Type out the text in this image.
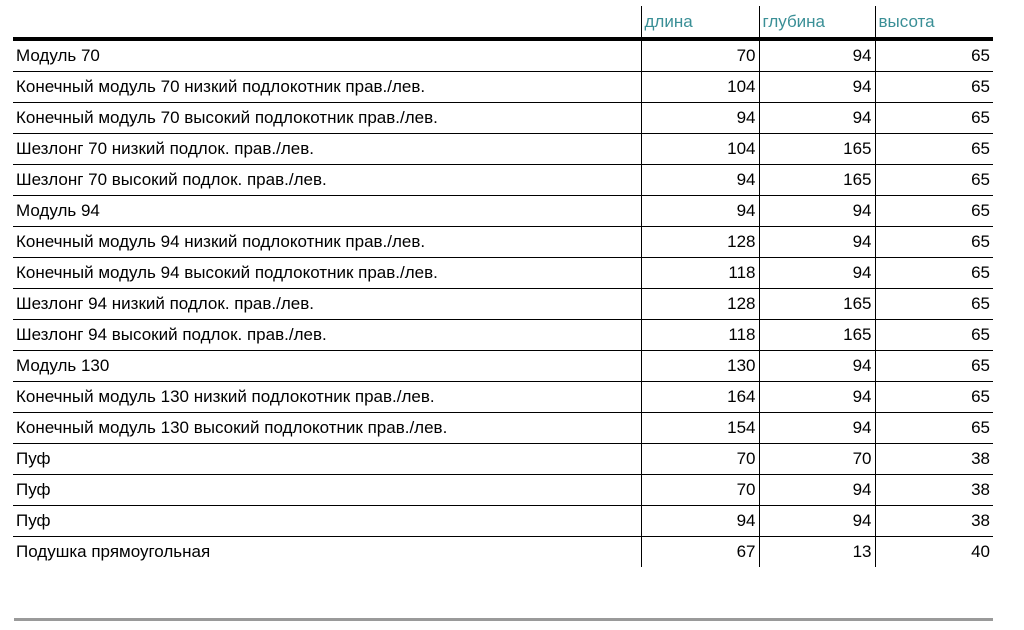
	длина	глубина	высота
Модуль 70	70	94	65
Конечный модуль 70 низкий подлокотник прав./лев.	104	94	65
Конечный модуль 70 высокий подлокотник прав./лев.	94	94	65
Шезлонг 70 низкий подлок. прав./лев.	104	165	65
Шезлонг 70 высокий подлок. прав./лев.	94	165	65
Модуль 94	94	94	65
Конечный модуль 94 низкий подлокотник прав./лев.	128	94	65
Конечный модуль 94 высокий подлокотник прав./лев.	118	94	65
Шезлонг 94 низкий подлок. прав./лев.	128	165	65
Шезлонг 94 высокий подлок. прав./лев.	118	165	65
Модуль 130	130	94	65
Конечный модуль 130 низкий подлокотник прав./лев.	164	94	65
Конечный модуль 130 высокий подлокотник прав./лев.	154	94	65
Пуф	70	70	38
Пуф	70	94	38
Пуф	94	94	38
Подушка прямоугольная	67	13	40
